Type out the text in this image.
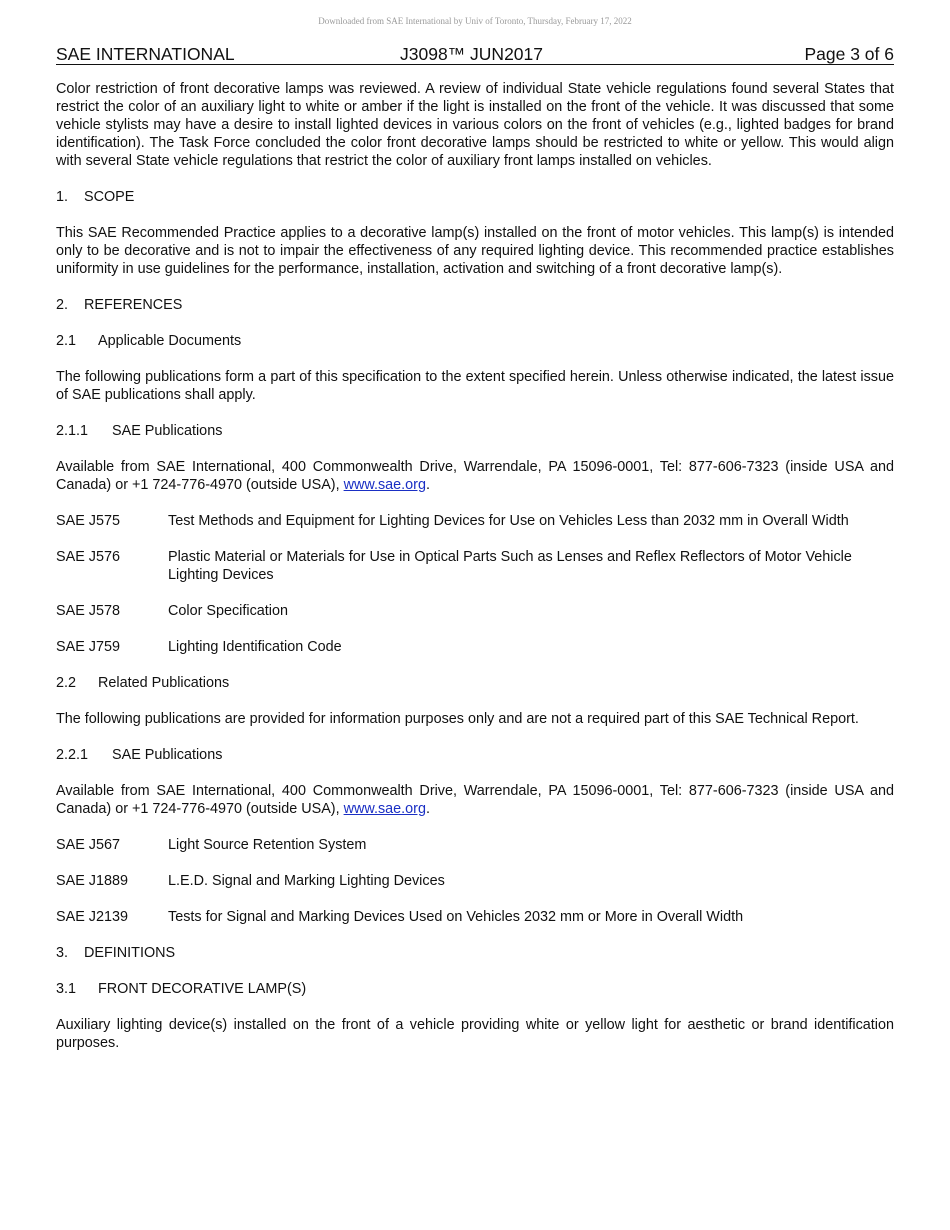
Downloaded from SAE International by Univ of Toronto, Thursday, February 17, 2022
SAE INTERNATIONAL	J3098™ JUN2017	Page 3 of 6

Color restriction of front decorative lamps was reviewed. A review of individual State vehicle regulations found several States that restrict the color of an auxiliary light to white or amber if the light is installed on the front of the vehicle. It was discussed that some vehicle stylists may have a desire to install lighted devices in various colors on the front of vehicles (e.g., lighted badges for brand identification). The Task Force concluded the color front decorative lamps should be restricted to white or yellow. This would align with several State vehicle regulations that restrict the color of auxiliary front lamps installed on vehicles.

1. SCOPE

This SAE Recommended Practice applies to a decorative lamp(s) installed on the front of motor vehicles. This lamp(s) is intended only to be decorative and is not to impair the effectiveness of any required lighting device. This recommended practice establishes uniformity in use guidelines for the performance, installation, activation and switching of a front decorative lamp(s).

2. REFERENCES
2.1 Applicable Documents

The following publications form a part of this specification to the extent specified herein. Unless otherwise indicated, the latest issue of SAE publications shall apply.

2.1.1 SAE Publications

Available from SAE International, 400 Commonwealth Drive, Warrendale, PA 15096-0001, Tel: 877-606-7323 (inside USA and Canada) or +1 724-776-4970 (outside USA), www.sae.org.

SAE J575	Test Methods and Equipment for Lighting Devices for Use on Vehicles Less than 2032 mm in Overall Width
SAE J576	Plastic Material or Materials for Use in Optical Parts Such as Lenses and Reflex Reflectors of Motor Vehicle Lighting Devices
SAE J578	Color Specification
SAE J759	Lighting Identification Code
2.2 Related Publications

The following publications are provided for information purposes only and are not a required part of this SAE Technical Report.

2.2.1 SAE Publications

Available from SAE International, 400 Commonwealth Drive, Warrendale, PA 15096-0001, Tel: 877-606-7323 (inside USA and Canada) or +1 724-776-4970 (outside USA), www.sae.org.

SAE J567	Light Source Retention System
SAE J1889	L.E.D. Signal and Marking Lighting Devices
SAE J2139	Tests for Signal and Marking Devices Used on Vehicles 2032 mm or More in Overall Width
3. DEFINITIONS
3.1 FRONT DECORATIVE LAMP(S)

Auxiliary lighting device(s) installed on the front of a vehicle providing white or yellow light for aesthetic or brand identification purposes.
